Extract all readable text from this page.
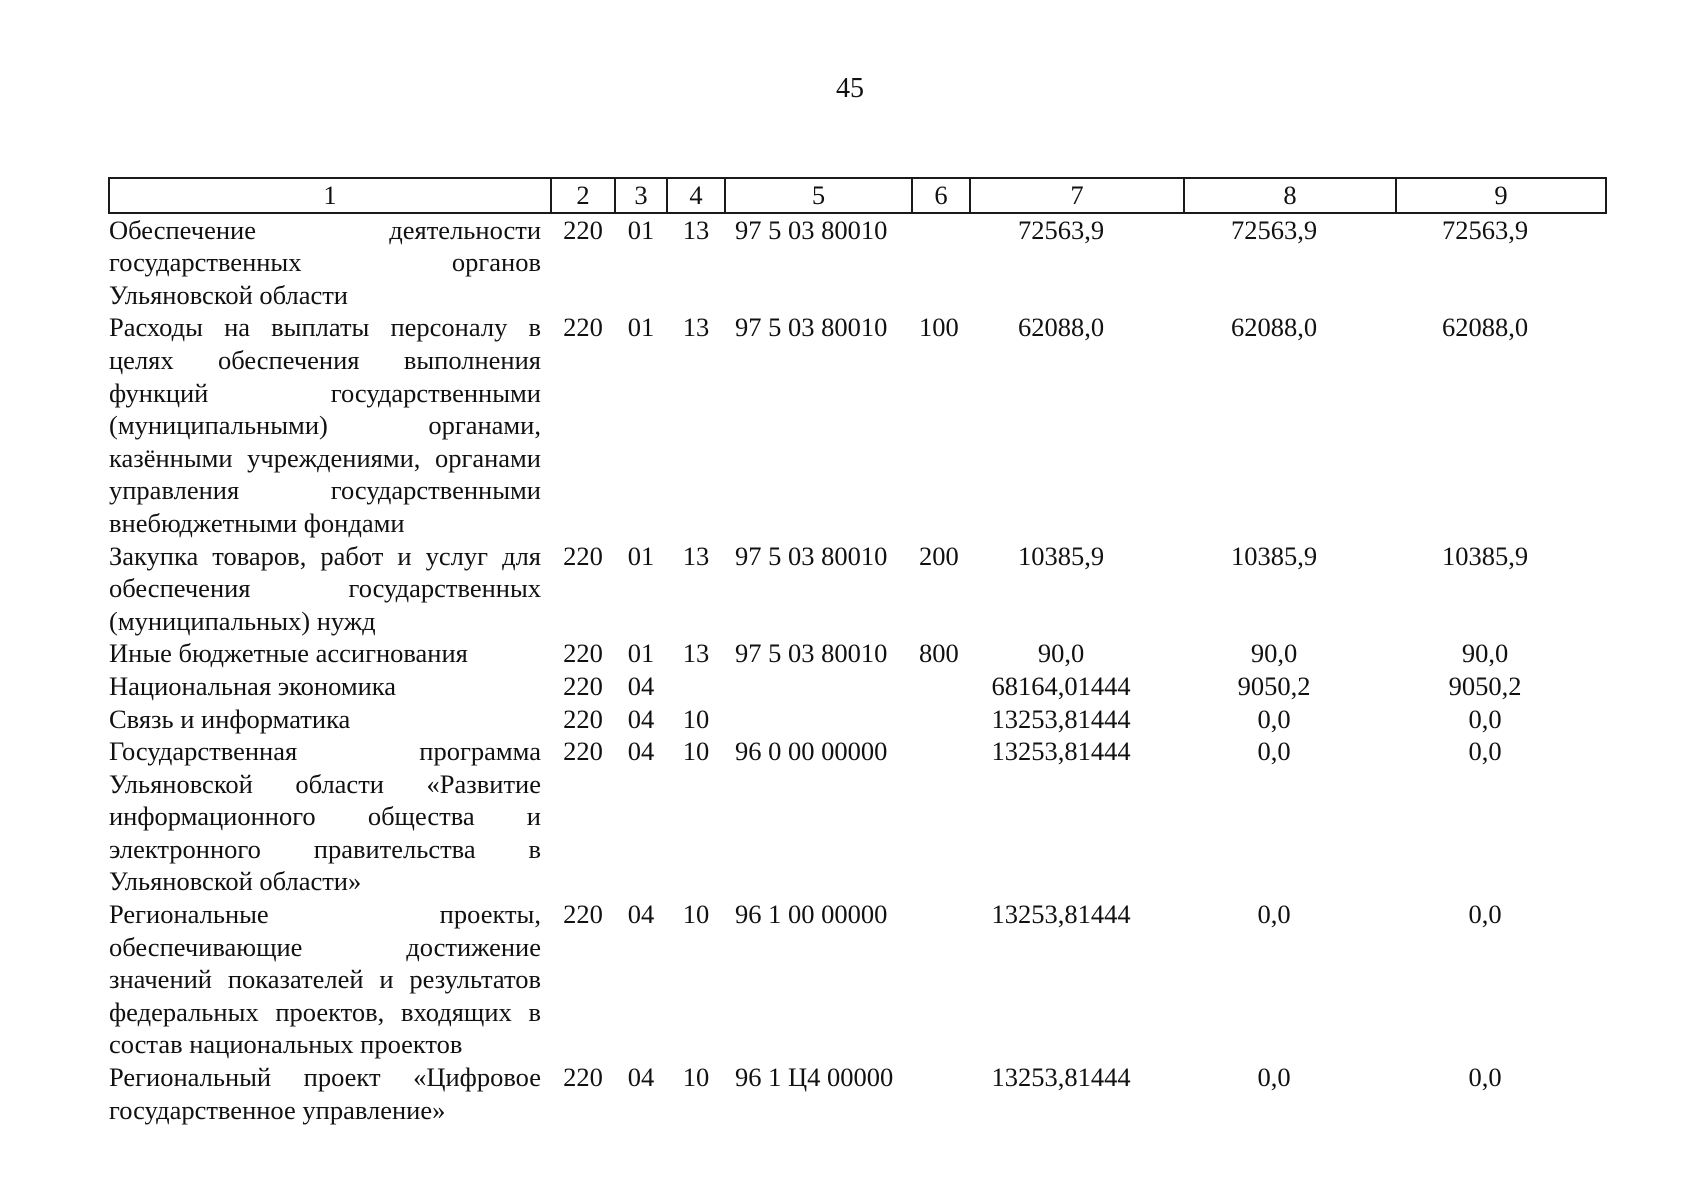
45
1	2	3	4	5	6	7	8	9
Обеспечение деятельности государственных органов Ульяновской области	220	01	13	97 5 03 80010		72563,9	72563,9	72563,9
Расходы на выплаты персоналу в целях обеспечения выполнения функций государственными (муниципальными) органами, казёнными учреждениями, органами управления государственными внебюджетными фондами	220	01	13	97 5 03 80010	100	62088,0	62088,0	62088,0
Закупка товаров, работ и услуг для обеспечения государственных (муниципальных) нужд	220	01	13	97 5 03 80010	200	10385,9	10385,9	10385,9
Иные бюджетные ассигнования	220	01	13	97 5 03 80010	800	90,0	90,0	90,0
Национальная экономика	220	04				68164,01444	9050,2	9050,2
Связь и информатика	220	04	10			13253,81444	0,0	0,0
Государственная программа Ульяновской области «Развитие информационного общества и электронного правительства в Ульяновской области»	220	04	10	96 0 00 00000		13253,81444	0,0	0,0
Региональные проекты, обеспечивающие достижение значений показателей и результатов федеральных проектов, входящих в состав национальных проектов	220	04	10	96 1 00 00000		13253,81444	0,0	0,0
Региональный проект «Цифровое государственное управление»	220	04	10	96 1 Ц4 00000		13253,81444	0,0	0,0
